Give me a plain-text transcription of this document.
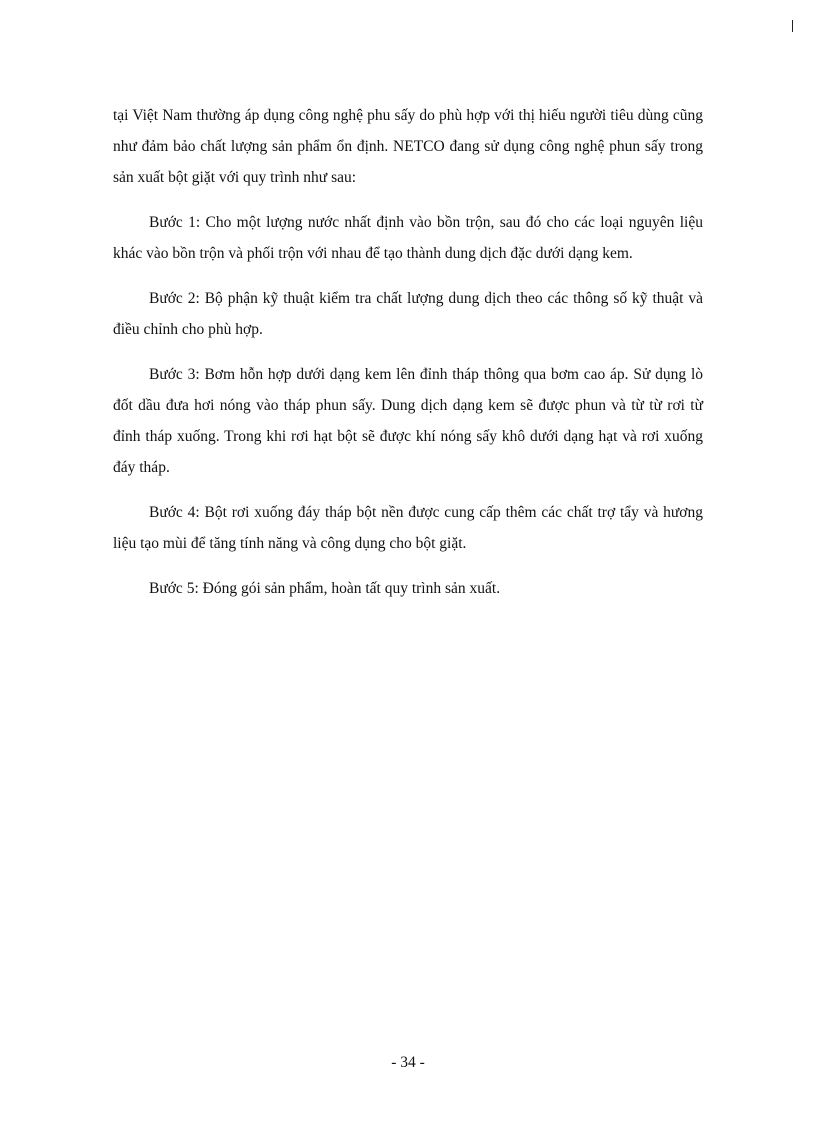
tại Việt Nam thường áp dụng công nghệ phu sấy do phù hợp với thị hiếu người tiêu dùng cũng như đảm bảo chất lượng sản phẩm ổn định. NETCO đang sử dụng công nghệ phun sấy trong sản xuất bột giặt với quy trình như sau:

Bước 1: Cho một lượng nước nhất định vào bồn trộn, sau đó cho các loại nguyên liệu khác vào bồn trộn và phối trộn với nhau để tạo thành dung dịch đặc dưới dạng kem.

Bước 2: Bộ phận kỹ thuật kiểm tra chất lượng dung dịch theo các thông số kỹ thuật và điều chỉnh cho phù hợp.

Bước 3: Bơm hỗn hợp dưới dạng kem lên đỉnh tháp thông qua bơm cao áp. Sử dụng lò đốt dầu đưa hơi nóng vào tháp phun sấy. Dung dịch dạng kem sẽ được phun và từ từ rơi từ đỉnh tháp xuống. Trong khi rơi hạt bột sẽ được khí nóng sấy khô dưới dạng hạt và rơi xuống đáy tháp.

Bước 4: Bột rơi xuống đáy tháp bột nền được cung cấp thêm các chất trợ tẩy và hương liệu tạo mùi để tăng tính năng và công dụng cho bột giặt.

Bước 5: Đóng gói sản phẩm, hoàn tất quy trình sản xuất.

- 34 -
